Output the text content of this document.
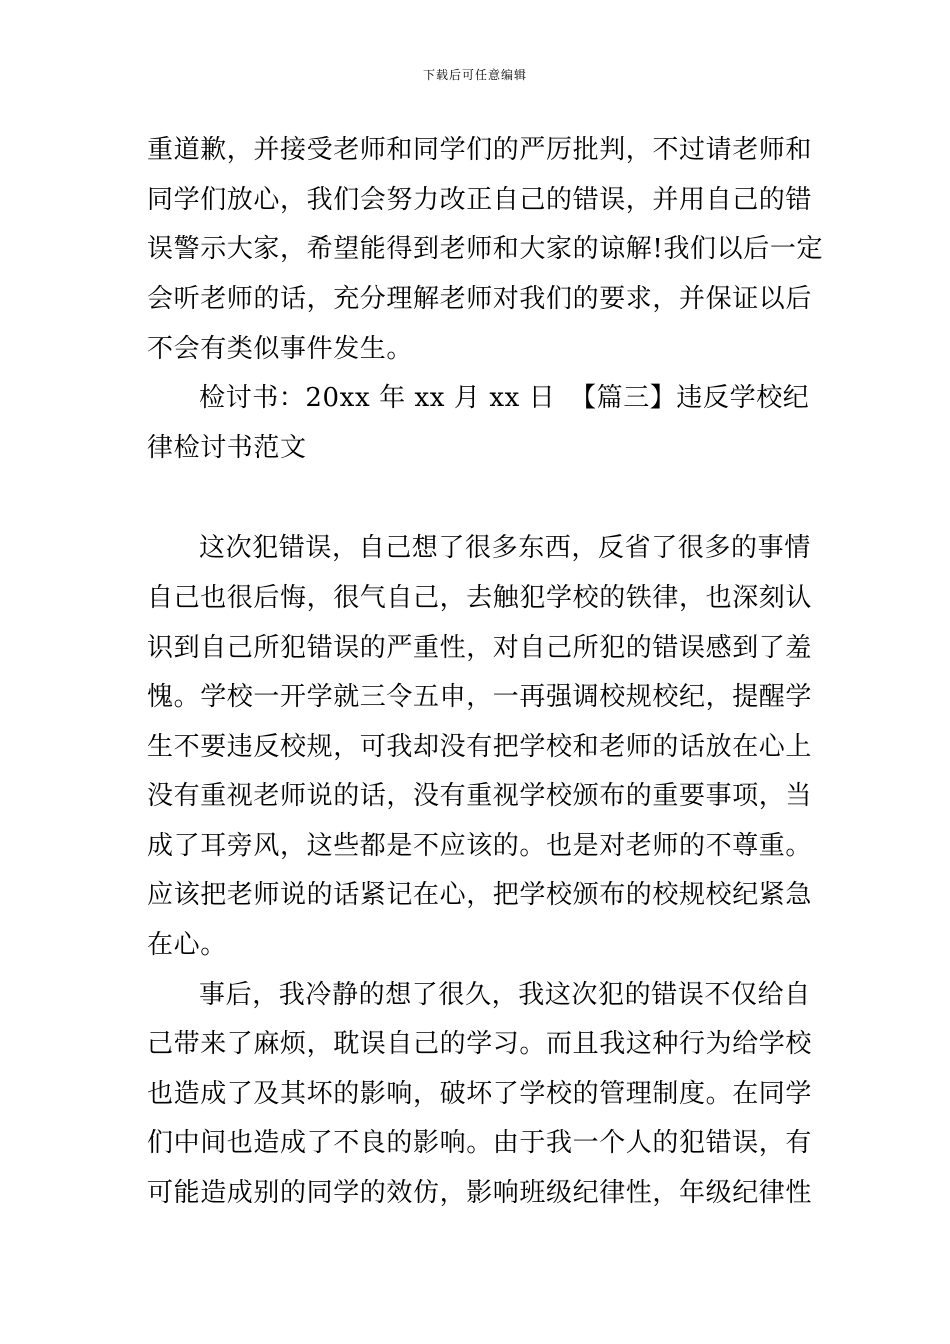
下载后可任意编辑
重道歉，并接受老师和同学们的严厉批判，不过请老师和
同学们放心，我们会努力改正自己的错误，并用自己的错
误警示大家，希望能得到老师和大家的谅解!我们以后一定
会听老师的话，充分理解老师对我们的要求，并保证以后
不会有类似事件发生。
检讨书：20xx 年 xx 月 xx 日 【篇三】违反学校纪
律检讨书范文
这次犯错误，自己想了很多东西，反省了很多的事情
自己也很后悔，很气自己，去触犯学校的铁律，也深刻认
识到自己所犯错误的严重性，对自己所犯的错误感到了羞
愧。学校一开学就三令五申，一再强调校规校纪，提醒学
生不要违反校规，可我却没有把学校和老师的话放在心上
没有重视老师说的话，没有重视学校颁布的重要事项，当
成了耳旁风，这些都是不应该的。也是对老师的不尊重。
应该把老师说的话紧记在心，把学校颁布的校规校纪紧急
在心。
事后，我冷静的想了很久，我这次犯的错误不仅给自
己带来了麻烦，耽误自己的学习。而且我这种行为给学校
也造成了及其坏的影响，破坏了学校的管理制度。在同学
们中间也造成了不良的影响。由于我一个人的犯错误，有
可能造成别的同学的效仿，影响班级纪律性，年级纪律性
